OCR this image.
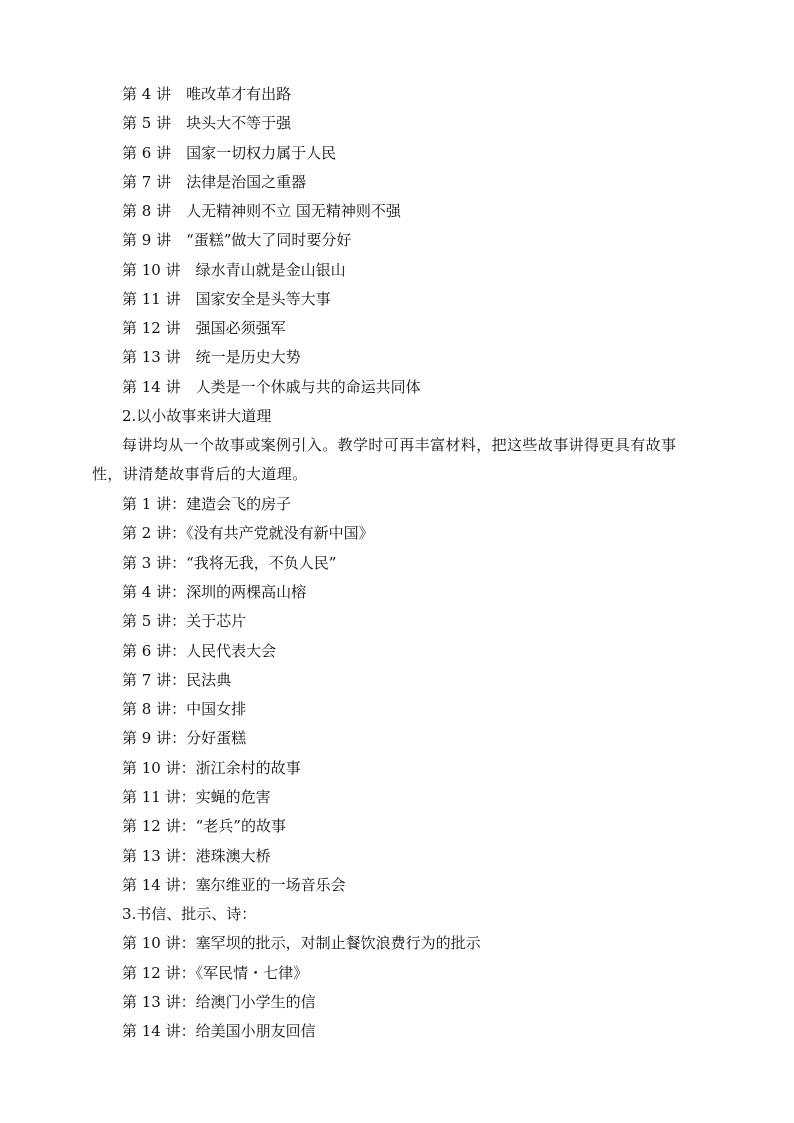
第 4 讲　唯改革才有出路
第 5 讲　块头大不等于强
第 6 讲　国家一切权力属于人民
第 7 讲　法律是治国之重器
第 8 讲　人无精神则不立 国无精神则不强
第 9 讲　“蛋糕”做大了同时要分好
第 10 讲　绿水青山就是金山银山
第 11 讲　国家安全是头等大事
第 12 讲　强国必须强军
第 13 讲　统一是历史大势
第 14 讲　人类是一个休戚与共的命运共同体
2.以小故事来讲大道理
每讲均从一个故事或案例引入。教学时可再丰富材料，把这些故事讲得更具有故事性，讲清楚故事背后的大道理。
第 1 讲：建造会飞的房子
第 2 讲：《没有共产党就没有新中国》
第 3 讲：“我将无我，不负人民”
第 4 讲：深圳的两棵高山榕
第 5 讲：关于芯片
第 6 讲：人民代表大会
第 7 讲：民法典
第 8 讲：中国女排
第 9 讲：分好蛋糕
第 10 讲：浙江余村的故事
第 11 讲：实蝇的危害
第 12 讲：“老兵”的故事
第 13 讲：港珠澳大桥
第 14 讲：塞尔维亚的一场音乐会
3.书信、批示、诗：
第 10 讲：塞罕坝的批示，对制止餐饮浪费行为的批示
第 12 讲：《军民情・七律》
第 13 讲：给澳门小学生的信
第 14 讲：给美国小朋友回信
